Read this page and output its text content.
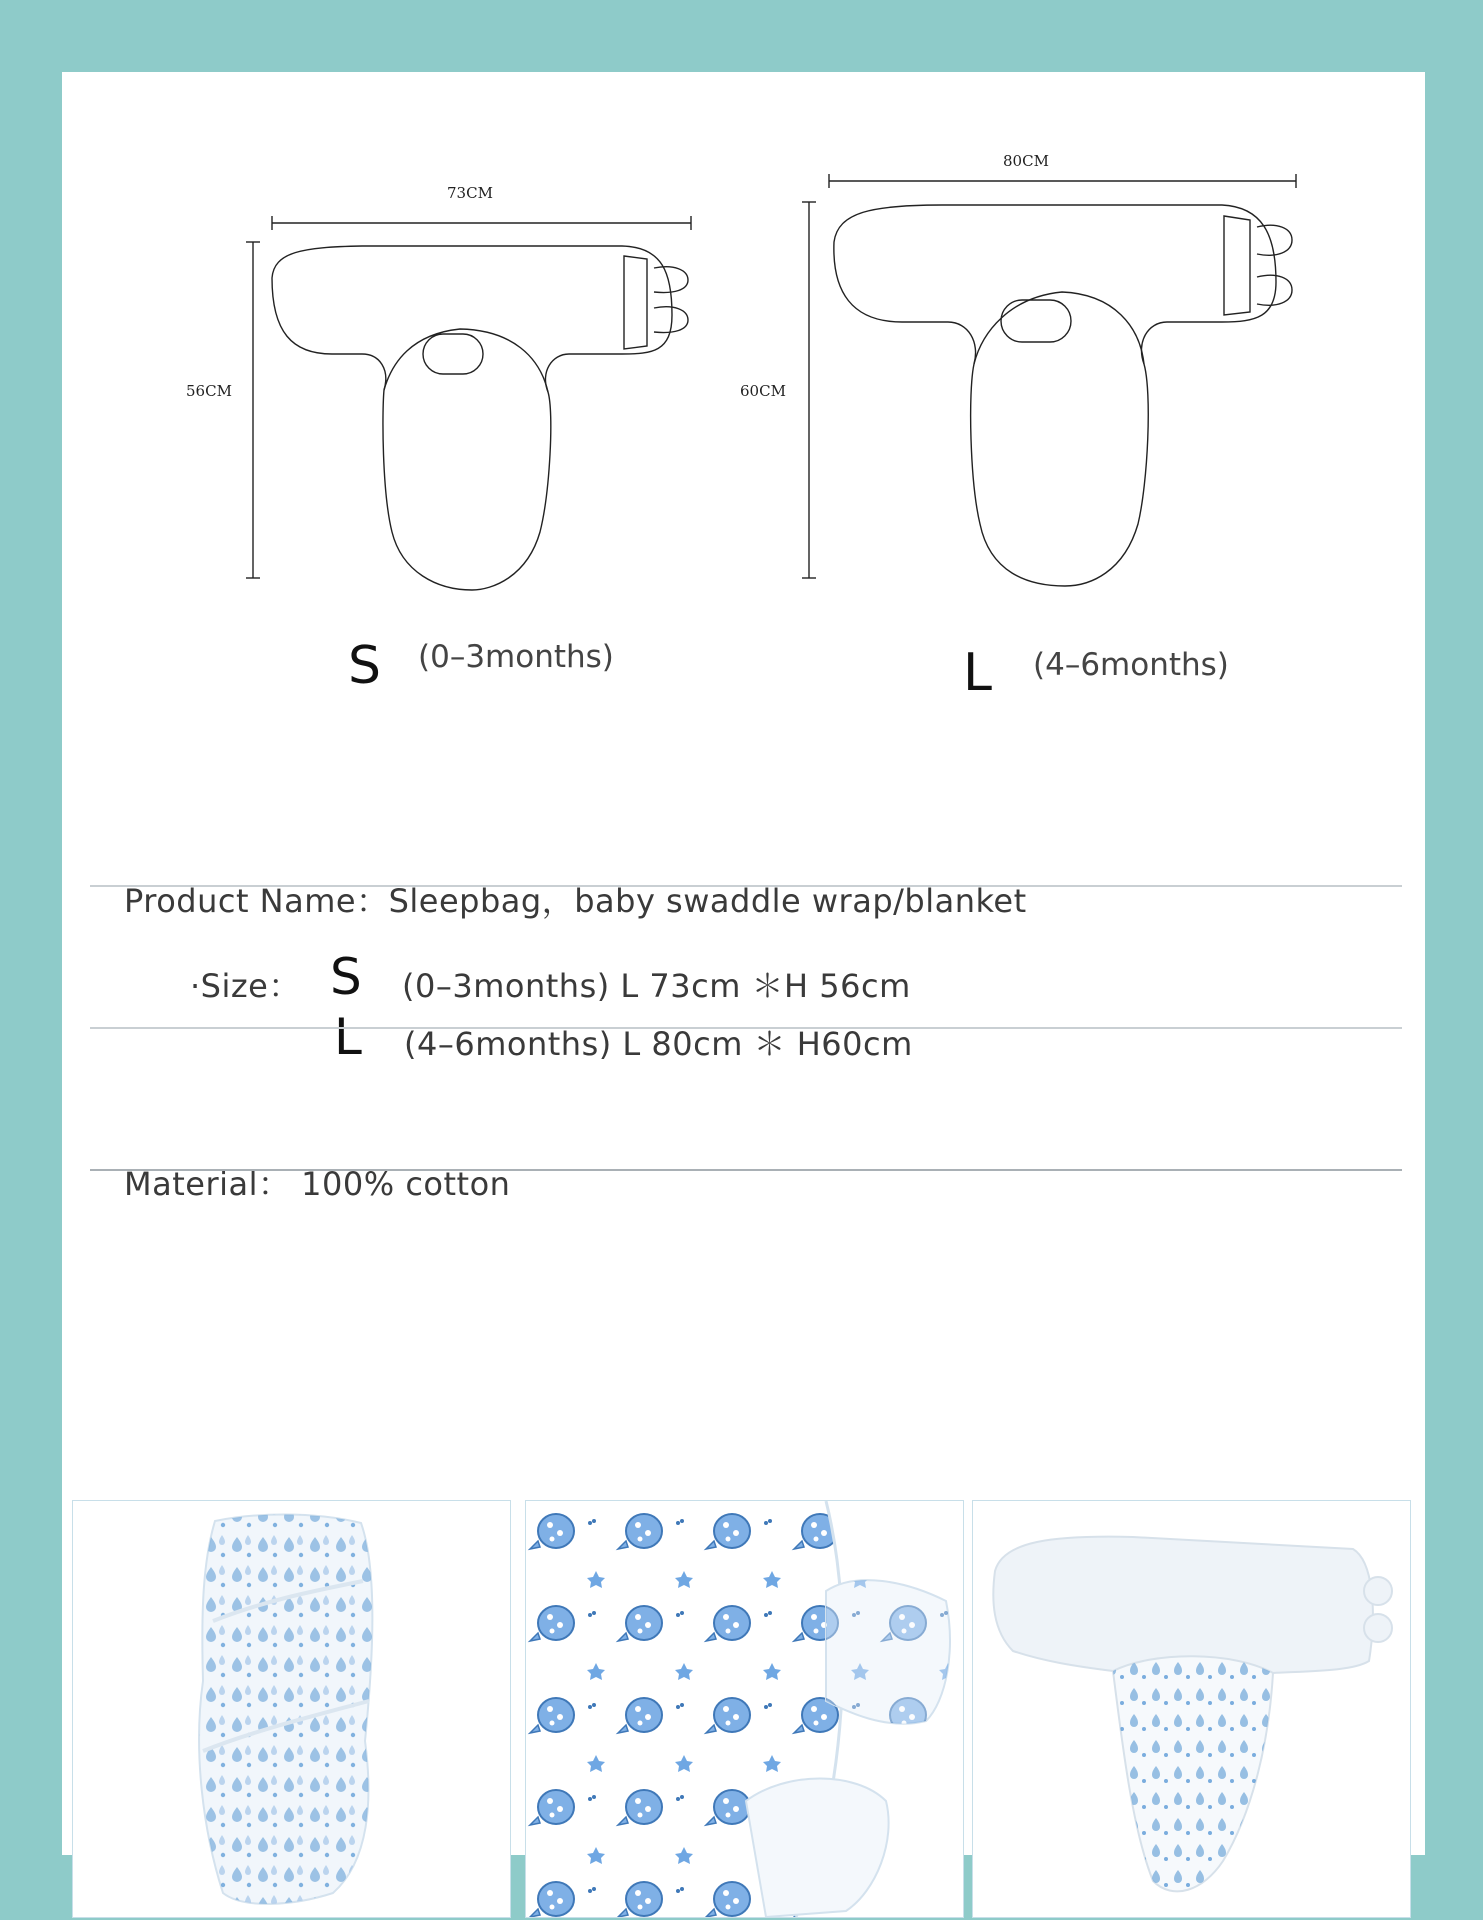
73CM
56CM
80CM
60CM
S (0–3months)	L (4–6months)
Product Name：Sleepbag，baby swaddle wrap/blanket
·Size： S (0–3months) L 73cm ＊H 56cm
L (4–6months) L 80cm ＊ H60cm
Material： 100% cotton
